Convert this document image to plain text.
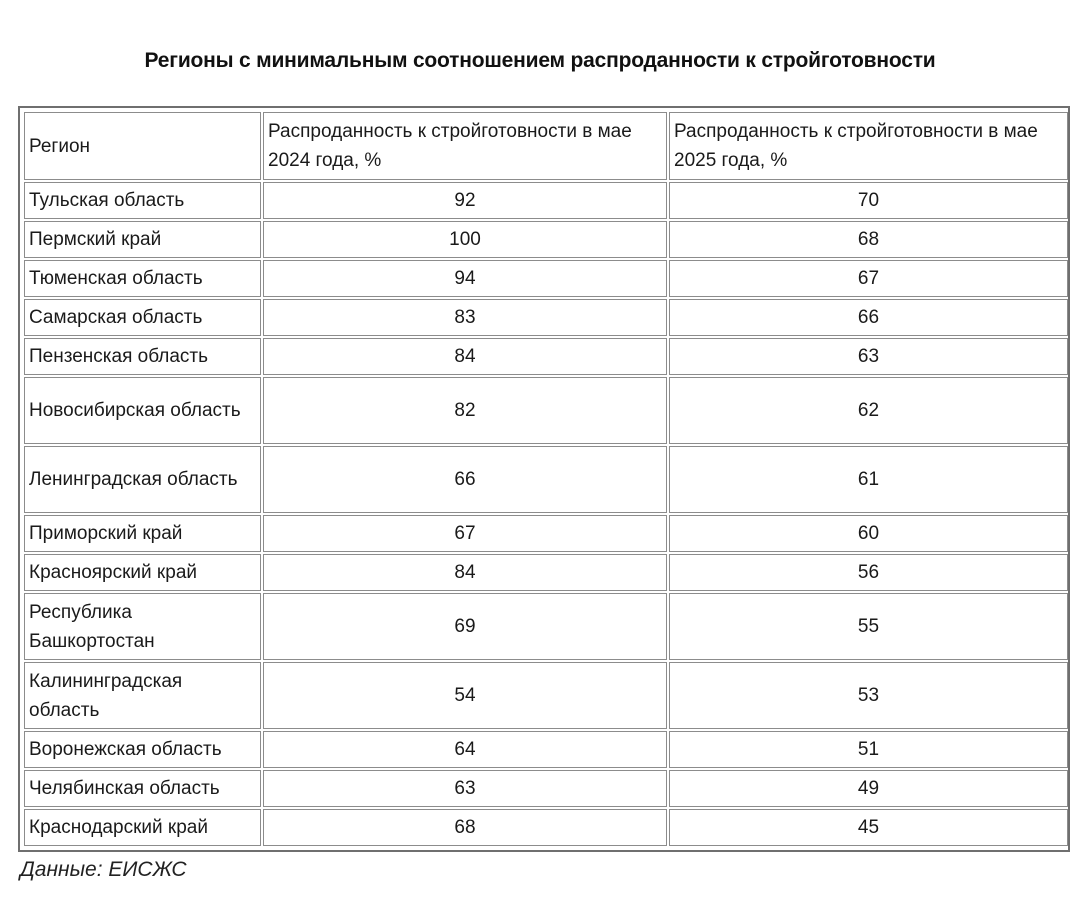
Регионы с минимальным соотношением распроданности к стройготовности
Регион	Распроданность к стройготовности в мае 2024 года, %	Распроданность к стройготовности в мае 2025 года, %
Тульская область	92	70
Пермский край	100	68
Тюменская область	94	67
Самарская область	83	66
Пензенская область	84	63
Новосибирская область	82	62
Ленинградская область	66	61
Приморский край	67	60
Красноярский край	84	56
Республика Башкортостан	69	55
Калининградская область	54	53
Воронежская область	64	51
Челябинская область	63	49
Краснодарский край	68	45
Данные: ЕИСЖС
